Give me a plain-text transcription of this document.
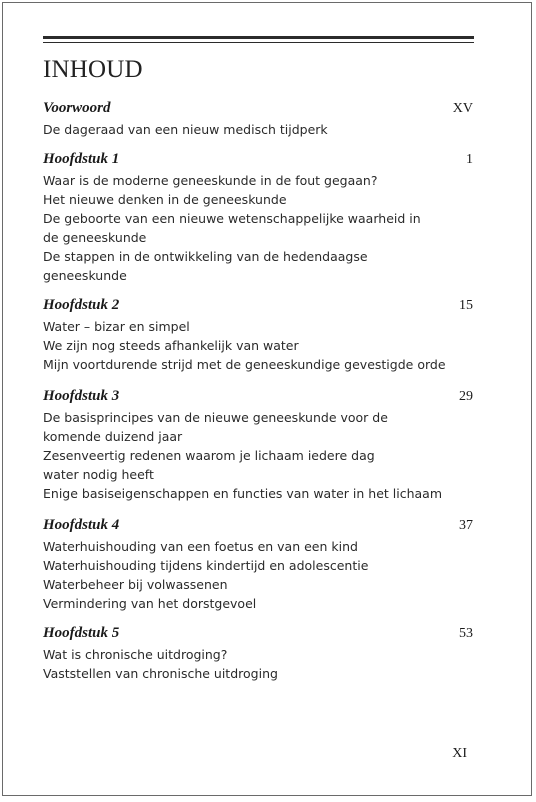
INHOUD
Voorwoord	XV
De dageraad van een nieuw medisch tijdperk
Hoofdstuk 1	1
Waar is de moderne geneeskunde in de fout gegaan?
Het nieuwe denken in de geneeskunde
De geboorte van een nieuwe wetenschappelijke waarheid in
de geneeskunde
De stappen in de ontwikkeling van de hedendaagse
geneeskunde
Hoofdstuk 2	15
Water – bizar en simpel
We zijn nog steeds afhankelijk van water
Mijn voortdurende strijd met de geneeskundige gevestigde orde
Hoofdstuk 3	29
De basisprincipes van de nieuwe geneeskunde voor de
komende duizend jaar
Zesenveertig redenen waarom je lichaam iedere dag
water nodig heeft
Enige basiseigenschappen en functies van water in het lichaam
Hoofdstuk 4	37
Waterhuishouding van een foetus en van een kind
Waterhuishouding tijdens kindertijd en adolescentie
Waterbeheer bij volwassenen
Vermindering van het dorstgevoel
Hoofdstuk 5	53
Wat is chronische uitdroging?
Vaststellen van chronische uitdroging
XI
